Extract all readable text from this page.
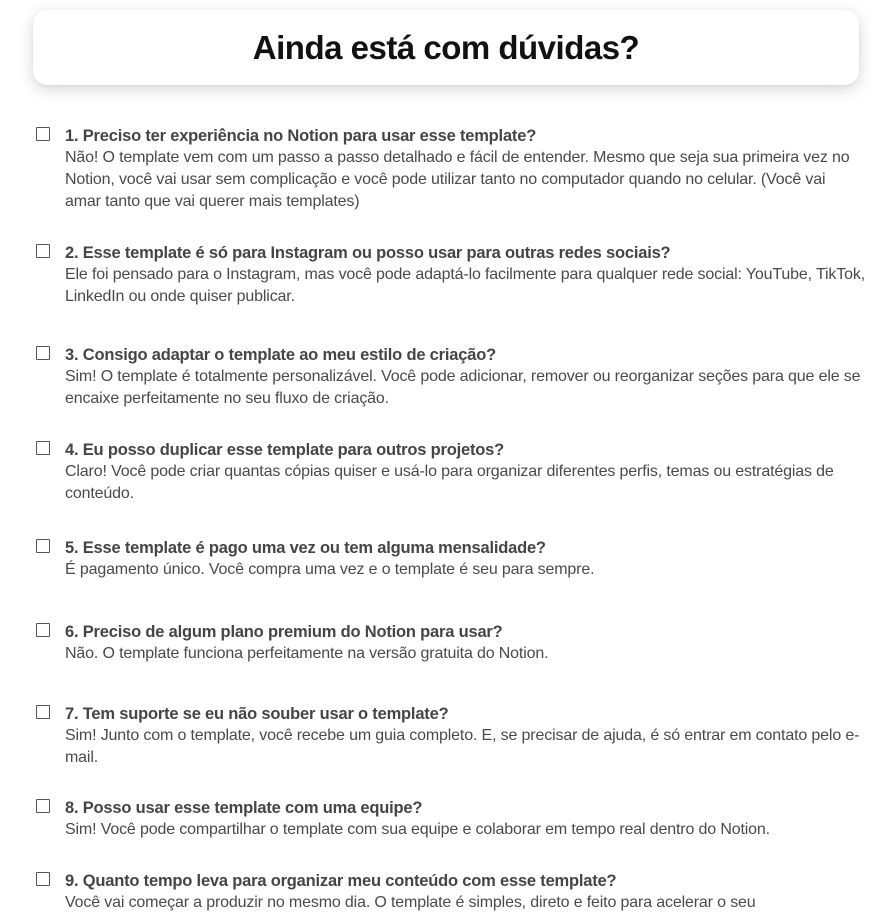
Ainda está com dúvidas?
1. Preciso ter experiência no Notion para usar esse template?
Não! O template vem com um passo a passo detalhado e fácil de entender. Mesmo que seja sua primeira vez no Notion, você vai usar sem complicação e você pode utilizar tanto no computador quando no celular. (Você vai amar tanto que vai querer mais templates)
2. Esse template é só para Instagram ou posso usar para outras redes sociais?
Ele foi pensado para o Instagram, mas você pode adaptá-lo facilmente para qualquer rede social: YouTube, TikTok, LinkedIn ou onde quiser publicar.
3. Consigo adaptar o template ao meu estilo de criação?
Sim! O template é totalmente personalizável. Você pode adicionar, remover ou reorganizar seções para que ele se encaixe perfeitamente no seu fluxo de criação.
4. Eu posso duplicar esse template para outros projetos?
Claro! Você pode criar quantas cópias quiser e usá-lo para organizar diferentes perfis, temas ou estratégias de conteúdo.
5. Esse template é pago uma vez ou tem alguma mensalidade?
É pagamento único. Você compra uma vez e o template é seu para sempre.
6. Preciso de algum plano premium do Notion para usar?
Não. O template funciona perfeitamente na versão gratuita do Notion.
7. Tem suporte se eu não souber usar o template?
Sim! Junto com o template, você recebe um guia completo. E, se precisar de ajuda, é só entrar em contato pelo e-mail.
8. Posso usar esse template com uma equipe?
Sim! Você pode compartilhar o template com sua equipe e colaborar em tempo real dentro do Notion.
9. Quanto tempo leva para organizar meu conteúdo com esse template?
Você vai começar a produzir no mesmo dia. O template é simples, direto e feito para acelerar o seu
